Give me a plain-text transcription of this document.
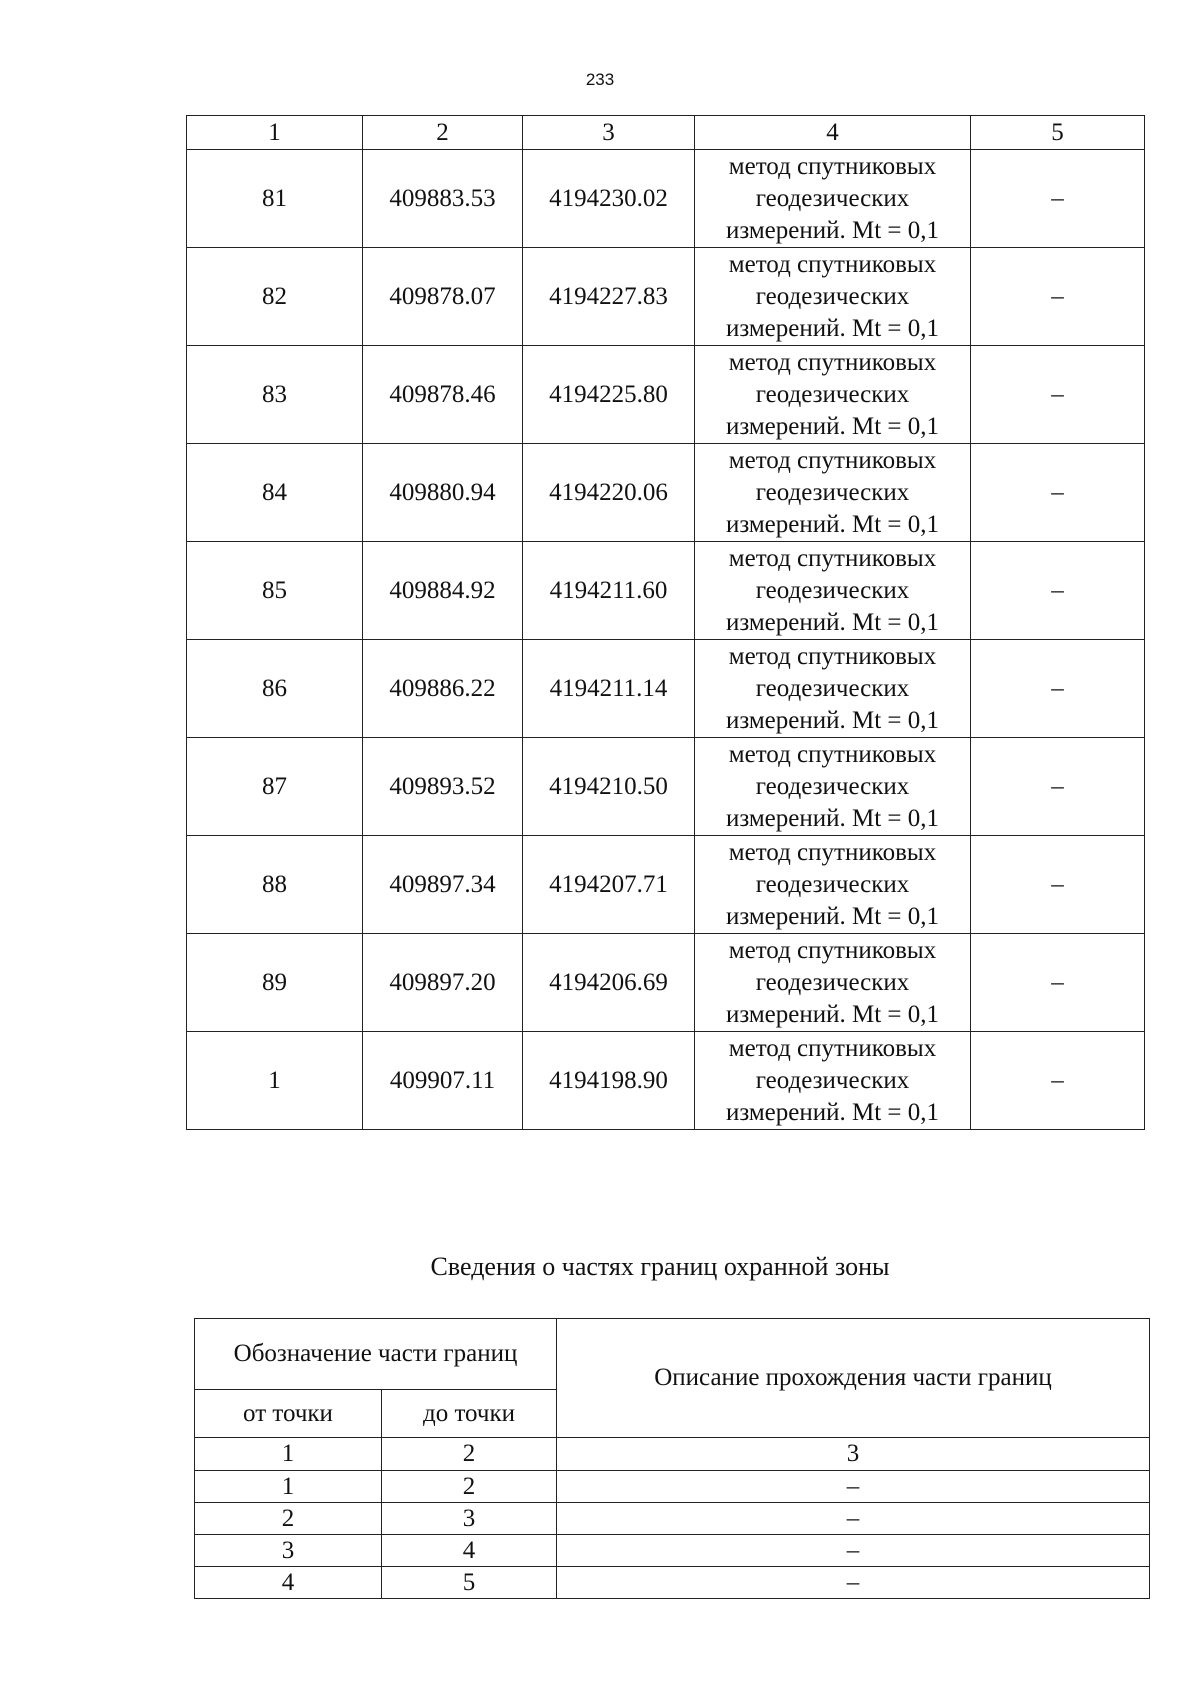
233
1	2	3	4	5
81	409883.53	4194230.02	метод спутниковых
геодезических
измерений. Mt = 0,1	–
82	409878.07	4194227.83	метод спутниковых
геодезических
измерений. Mt = 0,1	–
83	409878.46	4194225.80	метод спутниковых
геодезических
измерений. Mt = 0,1	–
84	409880.94	4194220.06	метод спутниковых
геодезических
измерений. Mt = 0,1	–
85	409884.92	4194211.60	метод спутниковых
геодезических
измерений. Mt = 0,1	–
86	409886.22	4194211.14	метод спутниковых
геодезических
измерений. Mt = 0,1	–
87	409893.52	4194210.50	метод спутниковых
геодезических
измерений. Mt = 0,1	–
88	409897.34	4194207.71	метод спутниковых
геодезических
измерений. Mt = 0,1	–
89	409897.20	4194206.69	метод спутниковых
геодезических
измерений. Mt = 0,1	–
1	409907.11	4194198.90	метод спутниковых
геодезических
измерений. Mt = 0,1	–
Сведения о частях границ охранной зоны
Обозначение части границ		Описание прохождения части границ
от точки	до точки	
1	2	3
1	2	–
2	3	–
3	4	–
4	5	–
